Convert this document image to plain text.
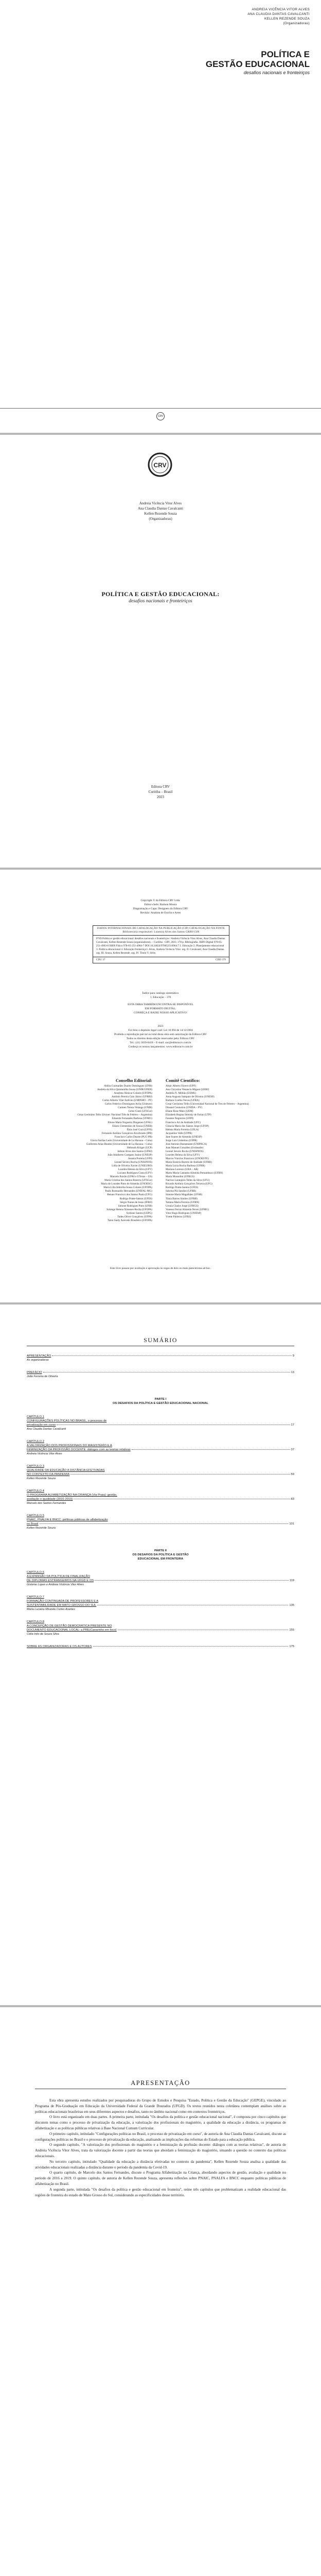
ANDREIA VICÊNCIA VITOR ALVES
ANA CLAUDIA DANTAS CAVALCANTI
KELLEN REZENDE SOUZA
(Organizadoras)
POLÍTICA E
GESTÃO EDUCACIONAL
desafios nacionais e fronteiriços
CRV
CRV
Andreia Vicência Vitor Alves
Ana Claudia Dantas Cavalcanti
Kellen Rezende Souza
(Organizadoras)
POLÍTICA E GESTÃO EDUCACIONAL:
desafios nacionais e fronteiriços
Editora CRV
Curitiba – Brasil
2023
Copyright © da Editora CRV Ltda.
Editor-chefe: Railson Moura
Diagramação e Capa: Designers da Editora CRV
Revisão: Analista de Escrita e Artes
DADOS INTERNACIONAIS DE CATALOGAÇÃO NA PUBLICAÇÃO (CIP) CATALOGAÇÃO NA FONTE Bibliotecária responsável: Luzenira Alves dos Santos CRB9/1506
P769 Política e gestão educacional: desafios nacionais e fronteiriços / Andreia Vicência Vitor Alves, Ana Claudia Dantas Cavalcanti, Kellen Rezende Souza (organizadoras). – Curitiba : CRV, 2023. 178 p. Bibliografia. ISBN Digital 978-65-251-4963-0 ISBN Físico 978-65-251-4964-7 DOI 10.24824/978652514964.7 1. Educação 2. Planejamento educacional 3. Política educacional 4. Educação fronteiriça I. Alves, Andreia Vicência Vitor. org. II. Cavalcanti, Ana Claudia Dantas. org. III. Souza, Kellen Rezende. org. IV. Título V. Série.
CDU 37	CDD 379
Índice para catálogo sistemático
1. Educação – 370
ESTA OBRA TAMBÉM ENCONTRA-SE DISPONÍVEL
EM FORMATO DIGITAL.
CONHEÇA E BAIXE NOSSO APLICATIVO!
2023
Foi feito o depósito legal conf. Lei 10.994 de 14/12/2004
Proibida a reprodução parcial ou total desta obra sem autorização da Editora CRV
Todos os direitos desta edição reservados pela: Editora CRV
Tel.: (41) 3039-6418 – E-mail: sac@editoracrv.com.br
Conheça os nossos lançamentos: www.editoracrv.com.br
Conselho Editorial:
Aldira Guimarães Duarte Domínguez (UNB)
Andréia da Silva Quintanilha Sousa (UNIR/UFRN)
Anselmo Alencar Colares (UFOPA)
Antônio Pereira Gaio Júnior (UFRRJ)
Carlos Alberto Vilar Estêvão (UMINHO – PT)
Carlos Federico Domínguez Avila (Unieuro)
Carmen Tereza Velanga (UNIR)
Celso Conti (UFSCar)
Cesar Gerónimo Tello (Univer. Nacional Três de Febrero – Argentina)
Eduardo Fernandes Barbosa (UFMG)
Elione Maria Nogueira Diogenes (UFAL)
Elizeu Clementino de Souza (UNEB)
Élsio José Corá (UFFS)
Fernando Antônio Gonçalves Alcoforado (IPB)
Francisco Carlos Duarte (PUC-PR)
Gloria Fariñas León (Universidade de La Havana – Cuba)
Guillermo Arias Beatón (Universidade de La Havana – Cuba)
Helmuth Krüger (UCP)
Jailson Alves dos Santos (UFRJ)
João Adalberto Campato Junior (UNESP)
Josania Portela (UFPI)
Leonel Severo Rocha (UNISINOS)
Lídia de Oliveira Xavier (UNIEURO)
Lourdes Helena da Silva (UFV)
Luciano Rodrigues Costa (UFV)
Marcelo Paixão (UFRJ e UTexas – US)
Maria Cristina dos Santos Bezerra (UFSCar)
Maria de Lourdes Pinto de Almeida (UNOESC)
Maria Lília Imbiriba Sousa Colares (UFOPA)
Paulo Romualdo Hernandes (UNIFAL-MG)
Renato Francisco dos Santos Paula (UFG)
Rodrigo Pratte-Santos (UFES)
Sérgio Nunes de Jesus (IFRO)
Simone Rodrigues Pinto (UNB)
Solange Helena Ximenes-Rocha (UFOPA)
Sydione Santos (UEPG)
Tadeu Oliver Gonçalves (UFPA)
Tania Suely Azevedo Brasileiro (UFOPA)
Comitê Científico:
Altair Alberto Fávero (UPF)
Ana Chrystina Venancio Mignot (UERJ)
Andréia N. Militão (UEMS)
Anna Augusta Sampaio de Oliveira (UNESP)
Barbara Coelho Neves (UFBA)
Cesar Gerónimo Tello (Universidad Nacional de Tres de Febrero – Argentina)
Diosnel Centurion (UNIDA – PY)
Eliane Rose Maio (UEM)
Elizabeth Regina Streisky de Farias (UTP)
Fauston Negreiros (UFPI)
Francisco Ari de Andrade (UFC)
Gláucia Maria dos Santos Jorge (UFOP)
Helena Maria Ferreira (UFLA)
Jacqueline Valle (UFPR)
Jane Soares de Almeida (UNESP)
Jorge Luís Umbelino (UFPR)
José Antonio Bustamante (UNIPACA)
Juan Manuel González (Unilasalle)
Leonel Severo Rocha (UNISINOS)
Lourdes Helena da Silva (UFV)
Marcos Vinicius Francisco (UNOESTE)
Maria Eurácia Barreto de Andrade (UFRB)
Maria Lúcia Rocha Barbosa (UFRR)
Mariana Lorenzo (UBA – AR)
Marta Maria Castanho Almeida Pernambuco (UFRN)
Maria Mussolini (UFRGS)
Narciso Laranjeira Telles da Silva (UFU)
Ricardo Antônio Gonçalves Teixeira (UFG)
Rodrigo Pratte-Santos (UFES)
Sabrina Plá Sandini (UFRR)
Simone Maria Magalhães (UFSB)
Tânia Barros Simões (UFRB)
Tatiana Maria Ferreira (UFRN)
Ursula Gladys Jorge (UFRGS)
Vanessa Ferraz Almeida Neves (UFMG)
Vitor Hugo Rodrigues (UNIFAP)
Yvette Pinheiro (UFRJ)
Este livro passou por avaliação e aprovação às cegas de dois ou mais pareceristas ad hoc.
SUMÁRIO
APRESENTAÇÃO	9
As organizadoras
PREFÁCIO	13
João Ferreira de Oliveira
PARTE I
OS DESAFIOS DA POLÍTICA E GESTÃO EDUCACIONAL NACIONAL
CAPÍTULO 1
CONFIGURAÇÕES POLÍTICAS NO BRASIL, o processo de
privatização em curso	17
Ana Claudia Dantas Cavalcanti
CAPÍTULO 2
A VALORIZAÇÃO DOS PROFISSIONAIS DO MAGISTÉRIO E A
FEMINIZAÇÃO DA PROFISSÃO DOCENTE: diálogos com as teorias relativas	37
Andreia Vicência Vitor Alves
CAPÍTULO 3
QUALIDADE DA EDUCAÇÃO A DISTÂNCIA EFETIVADAS
NO CONTEXTO DA PANDEMIA	59
Kellen Rezende Souza
CAPÍTULO 4
O PROGRAMA ALFABETIZAÇÃO NA CRIANÇA (Via Praia): gestão,
avaliação e qualidade (2016-2019)	83
Marcelo dos Santos Fernandes
CAPÍTULO 5
PNAIC, PNALFA E BNCC: políticas públicas de alfabetização
no Brasil	101
Kellen Rezende Souza
PARTE II
OS DESAFIOS DA POLÍTICA E GESTÃO
EDUCACIONAL EM FRONTEIRA
CAPÍTULO 6
A EXPANSÃO DA POLÍTICA DE FINALIZAÇÃO
DE DIPLOMAS ESTRANGEIROS NA UFGD E OS	119
Gisleine Lopes e Andreia Vicência Vitor Alves
CAPÍTULO 7
FORMAÇÃO CONTINUADA DE PROFESSORES E A
SUSTENTABILIDADE EM MATO GROSSO DO SUL	135
Maria Luciana Miranda Cortes Arantes
CAPÍTULO 8
A CONCEPÇÃO DE GESTÃO DEMOCRÁTICA PRESENTE NO
DOCUMENTO EDUCACIONAL LOCAL: a PRE(Canarinho em foco)	155
Célia Inês de Souza Silva
SOBRE AS ORGANIZADORAS E OS AUTORES	175
APRESENTAÇÃO

Esta obra apresenta estudos realizados por pesquisadoras do Grupo de Estudos e Pesquisa "Estado, Política e Gestão da Educação" (GEPGE), vinculado ao Programa de Pós-Graduação em Educação da Universidade Federal da Grande Dourados (UFGD). Os textos reunidos nesta coletânea contemplam análises sobre as políticas educacionais brasileiras em seus diferentes aspectos e desafios, tanto no âmbito nacional como em contextos fronteiriços.

O livro está organizado em duas partes. A primeira parte, intitulada "Os desafios da política e gestão educacional nacional", é composta por cinco capítulos que discutem temas como o processo de privatização da educação, a valorização dos profissionais do magistério, a qualidade da educação a distância, os programas de alfabetização e as políticas públicas relativas à Base Nacional Comum Curricular.

O primeiro capítulo, intitulado "Configurações políticas no Brasil, o processo de privatização em curso", de autoria de Ana Claudia Dantas Cavalcanti, discute as configurações políticas no Brasil e o processo de privatização da educação, analisando as implicações das reformas do Estado para a educação pública.

O segundo capítulo, "A valorização dos profissionais do magistério e a feminização da profissão docente: diálogos com as teorias relativas", de autoria de Andreia Vicência Vitor Alves, trata da valorização docente a partir das teorias que abordam a feminização do magistério, situando a questão no contexto das políticas educacionais.

No terceiro capítulo, intitulado "Qualidade da educação a distância efetivadas no contexto da pandemia", Kellen Rezende Souza analisa a qualidade das atividades educacionais realizadas a distância durante o período da pandemia da Covid-19.

O quarto capítulo, de Marcelo dos Santos Fernandes, discute o Programa Alfabetização na Criança, abordando aspectos de gestão, avaliação e qualidade no período de 2016 a 2019. O quinto capítulo, de autoria de Kellen Rezende Souza, apresenta reflexões sobre PNAIC, PNALFA e BNCC enquanto políticas públicas de alfabetização no Brasil.

A segunda parte, intitulada "Os desafios da política e gestão educacional em fronteira", reúne três capítulos que problematizam a realidade educacional das regiões de fronteira do estado de Mato Grosso do Sul, considerando as especificidades desse território.
